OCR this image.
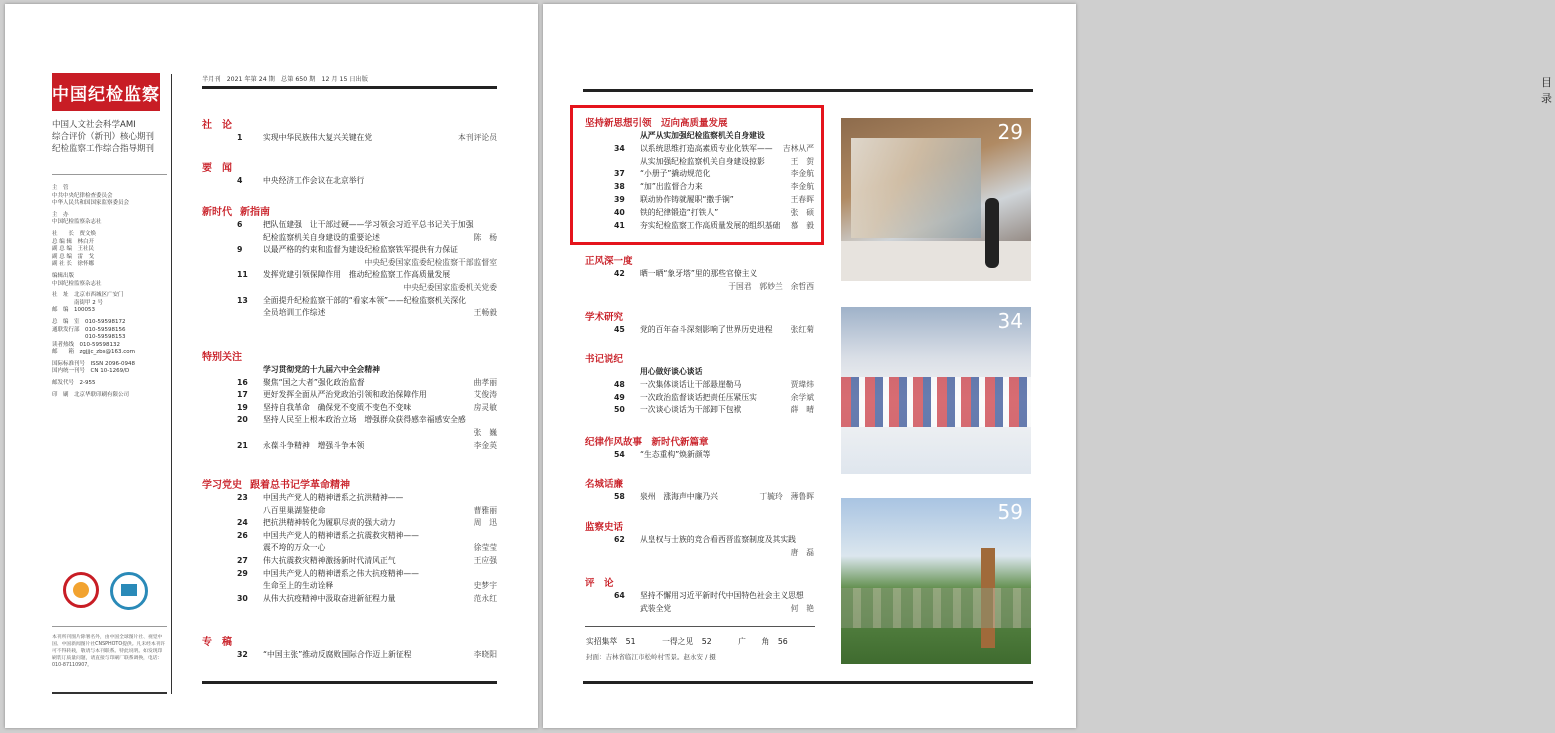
中国纪检监察
中国人文社会科学AMI
综合评价（新刊）核心期刊
纪检监察工作综合指导期刊
主　管
中共中央纪律检查委员会
中华人民共和国国家监察委员会
主　办
中国纪检监察杂志社
社　　长　贾文焕
总 编 辑　林白开
副 总 编　王社民
副 总 编　雷　戈
副 社 长　徐怀娜
编辑出版
中国纪检监察杂志社
社　址　北京市西城区广安门
　　　　南街甲 2 号
邮　编　100053
总　编　室　010-59598172
通联发行部　010-59598156
　　　　　　010-59598153
读者热线　010-59598132
邮　　箱　zgjjjc_zbs@163.com
国际标准刊号　ISSN 2096-0948
国内统一刊号　CN 10-1269/D
邮发代号　2-955
印　刷　北京华联印刷有限公司
本刊所刊图片除署名外，由中国全球图片社、视觉中国、中国新闻图片社CNSPHOTO提供。凡未经本刊许可不得转载，敬请与本刊联系。特此说明。如发现印刷装订质量问题，请直接与印刷厂联系调换，电话：010-87110907。
半月刊　2021 年第 24 期　总第 650 期　12 月 15 日出版
社　论
1	实现中华民族伟大复兴关键在党	本刊评论员
要　闻
4	中央经济工作会议在北京举行
新时代 新指南
6	把队伍建强　让干部过硬——学习领会习近平总书记关于加强
纪检监察机关自身建设的重要论述	陈　杨
9	以最严格的约束和监督为建设纪检监察铁军提供有力保证
中央纪委国家监委纪检监察干部监督室
11	发挥党建引领保障作用　推动纪检监察工作高质量发展
中央纪委国家监委机关党委
13	全面提升纪检监察干部的“看家本领”——纪检监察机关深化
全员培训工作综述	王畅毅
特别关注
学习贯彻党的十九届六中全会精神
16	聚焦“国之大者”强化政治监督	曲孝丽
17	更好发挥全面从严治党政治引领和政治保障作用	艾俊涛
19	坚持自我革命　确保党不变质不变色不变味	房灵敏
20	坚持人民至上根本政治立场　增强群众获得感幸福感安全感
张　巍
21	永葆斗争精神　增强斗争本领	李金英
学习党史 跟着总书记学革命精神
23	中国共产党人的精神谱系之抗洪精神——
八百里巢湖鉴使命	曹雅丽
24	把抗洪精神转化为履职尽责的强大动力	周　迅
26	中国共产党人的精神谱系之抗震救灾精神——
震不垮的万众一心	徐莹莹
27	伟大抗震救灾精神激扬新时代清风正气	王应强
29	中国共产党人的精神谱系之伟大抗疫精神——
生命至上的生动诠释	史梦宇
30	从伟大抗疫精神中汲取奋进新征程力量	范永红
专　稿
32	“中国主张”推动反腐败国际合作迈上新征程	李晓阳
目录
坚持新思想引领　迈向高质量发展
从严从实加强纪检监察机关自身建设
34	以系统思维打造高素质专业化铁军—— 吉林从严
从实加强纪检监察机关自身建设掠影	王　贺
37	“小册子”撬动规范化	李金航
38	“加”出监督合力来	李金航
39	联动协作铸就履职“撒手锏”	王春晖
40	铁的纪律锻造“打铁人”	张　硕
41	夯实纪检监察工作高质量发展的组织基础 慕　毅
正风深一度
42	晒一晒“象牙塔”里的那些官僚主义
于国君　郭妙兰　余哲西
学术研究
45	党的百年奋斗深刻影响了世界历史进程 张红菊
书记说纪
用心做好谈心谈话
48	一次集体谈话让干部悬崖勒马	贾瑋炜
49	一次政治监督谈话把责任压紧压实	余学斌
50	一次谈心谈话为干部卸下包袱	薛　晴
纪律作风故事　新时代新篇章
54	“生态重构”焕新颜等
名城话廉
58	泉州　涨海声中廉乃兴	丁毓玲　薄鲁晖
监察史话
62	从皇权与士族的竞合看西晋监察制度及其实践
唐　磊
评　论
64	坚持不懈用习近平新时代中国特色社会主义思想
武装全党	何　艳
实招集萃 51	一得之见 52	广　　角 56
封面：吉林省临江市松岭村雪景。赵永安 / 摄
29
34
59
